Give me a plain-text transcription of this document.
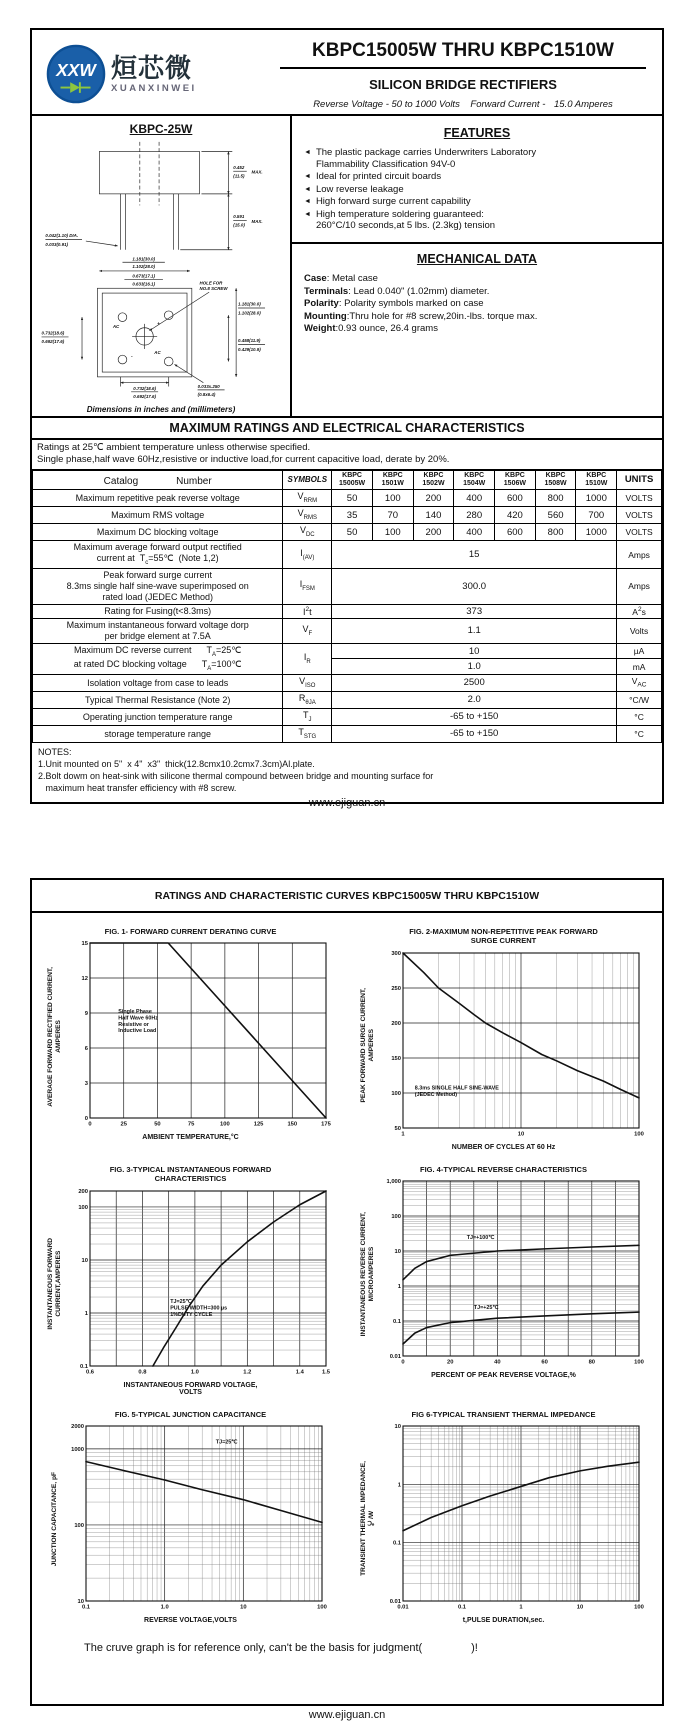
XXW 烜芯微
XUANXINWEI
KBPC15005W THRU KBPC1510W
SILICON BRIDGE RECTIFIERS
Reverse Voltage - 50 to 1000 Volts Forward Current - 15.0 Amperes
KBPC-25W
0.452
(11.5)
MAX.
0.591
(15.0)
MAX.
0.042(1.10) DIA.
0.033(0.91)
1.181(30.0)
1.102(28.0)
0.673(17.1)
0.633(16.1)	HOLE FOR
NO.8 SCREW
AC
+
-
AC
0.732(18.6)
0.692(17.6)
1.181(30.0)
1.102(28.0)
0.458(11.9)
0.429(10.9)
0.732(18.6)
0.692(17.6)
0.033x.250
(0.8x6.4)
Dimensions in inches and (millimeters)
FEATURES
◄ The plastic package carries Underwriters Laboratory
Flammability Classification 94V-0
◄ Ideal for printed circuit boards
◄ Low reverse leakage
◄ High forward surge current capability
◄ High temperature soldering guaranteed:
260°C/10 seconds,at 5 lbs. (2.3kg) tension
MECHANICAL DATA
Case: Metal case
Terminals: Lead 0.040" (1.02mm) diameter.
Polarity: Polarity symbols marked on case
Mounting:Thru hole for #8 screw,20in.-lbs. torque max.
Weight:0.93 ounce, 26.4 grams
MAXIMUM RATINGS AND ELECTRICAL CHARACTERISTICS
Ratings at 25℃ ambient temperature unless otherwise specified.
Single phase,half wave 60Hz,resistive or inductive load,for current capacitive load, derate by 20%.
Catalog Number	SYMBOLS	KBPC
15005W	KBPC
1501W	KBPC
1502W	KBPC
1504W	KBPC
1506W	KBPC
1508W	KBPC
1510W	UNITS
Maximum repetitive peak reverse voltage	$V_{RRM}$	50	100	200	400	600	800	1000	VOLTS
Maximum RMS voltage	$V_{RMS}$	35	70	140	280	420	560	700	VOLTS
Maximum DC blocking voltage	$V_{DC}$	50	100	200	400	600	800	1000	VOLTS
Maximum average forward output rectified
current at  $T_c=55℃$  (Note 1,2)	$I_{(AV)}$	15							Amps
Peak forward surge current
8.3ms single half sine-wave superimposed on
rated load (JEDEC Method)	$I_{FSM}$	300.0							Amps
Rating for Fusing(t<8.3ms)	$I^2t$	373							$A^2s$
Maximum instantaneous forward voltage dorp
per bridge element at 7.5A	$V_F$	1.1							Volts
Maximum DC reverse current      $T_A=25℃$
at rated DC blocking voltage      $T_A=100℃$	$I_R$	10							µA
		1.0							mA
Isolation voltage from case to leads	$V_{ISO}$	2500							$V_{AC}$
Typical Thermal Resistance (Note 2)	$R_{\theta JA}$	2.0							°C/W
Operating junction temperature range	$T_J$	-65 to +150							°C
storage temperature range	$T_{STG}$	-65 to +150							°C
NOTES:
1.Unit mounted on 5"  x 4"  x3"  thick(12.8cmx10.2cmx7.3cm)Al.plate.
2.Bolt dowm on heat-sink with silicone thermal compound between bridge and mounting surface for
maximum heat transfer efficiency with #8 screw.
www.ejiguan.cn
RATINGS AND CHARACTERISTIC CURVES KBPC15005W THRU KBPC1510W
FIG. 1- FORWARD CURRENT DERATING CURVE
AVERAGE FORWARD RECTIFIED CURRENT,
AMPERES
0	25	50	75	100	125	150	175
0
3
6
9
12
15
Single Phase
Half Wave 60Hz
Resistive or
Inductive Load
AMBIENT TEMPERATURE,°C
FIG. 2-MAXIMUM NON-REPETITIVE PEAK FORWARD
SURGE CURRENT
PEAK FORWARD SURGE CURRENT,
AMPERES
1	10	100
50
100
150
200
250
300
8.3ms SINGLE HALF SINE-WAVE
(JEDEC Method)
NUMBER OF CYCLES AT 60 Hz
FIG. 3-TYPICAL INSTANTANEOUS FORWARD
CHARACTERISTICS
INSTANTANEOUS FORWARD
CURRENT,AMPERES
0.6	0.8	1.0	1.2	1.4	1.5
0.1
1
10
100
200
TJ=25℃
PULSE WIDTH=300 µs
1%DUTY CYCLE
INSTANTANEOUS FORWARD VOLTAGE,
VOLTS
FIG. 4-TYPICAL REVERSE CHARACTERISTICS
INSTANTANEOUS REVERSE CURRENT,
MICROAMPERES
0	20	40	60	80	100
0.01
0.1
1
10
100
1,000
TJ=+100℃
TJ=+25℃
PERCENT OF PEAK REVERSE VOLTAGE,%
FIG. 5-TYPICAL JUNCTION CAPACITANCE
JUNCTION CAPACITANCE, pF
0.1	1.0	10	100
10
100
1000
2000
TJ=25℃
REVERSE VOLTAGE,VOLTS
FIG 6-TYPICAL TRANSIENT THERMAL IMPEDANCE
TRANSIENT THERMAL IMPEDANCE,
℃/W
0.01	0.1	1	10	100
0.01
0.1
1
10
t,PULSE DURATION,sec.
The cruve graph is for reference only, can't be the basis for judgment(                )!
www.ejiguan.cn
